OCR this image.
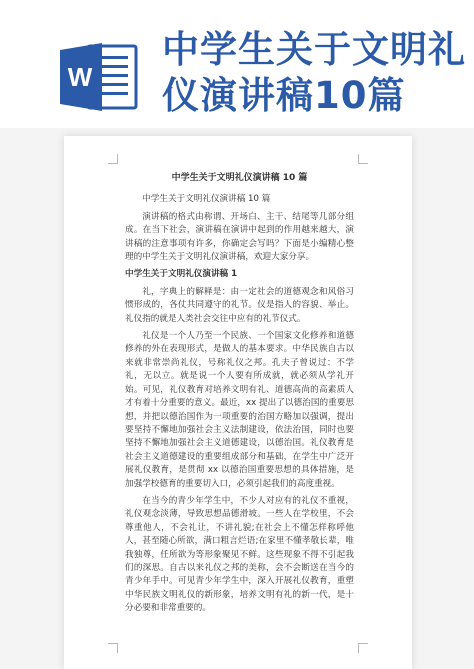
W
中学生关于文明礼
仪演讲稿10篇
中学生关于文明礼仪演讲稿 10 篇
中学生关于文明礼仪演讲稿 10 篇
演讲稿的格式由称谓、开场白、主干、结尾等几部分组成。在当下社会，演讲稿在演讲中起到的作用越来越大，演讲稿的注意事项有许多，你确定会写吗？下面是小编精心整理的中学生关于文明礼仪演讲稿，欢迎大家分享。
中学生关于文明礼仪演讲稿 1
礼，字典上的解释是：由一定社会的道德观念和风俗习惯形成的，各仗共同遵守的礼节。仪是指人的容貌、举止。礼仪指的就是人类社会交往中应有的礼节仪式。
礼仪是一个人乃至一个民族、一个国家文化修养和道德修养的外在表现形式，是做人的基本要求。中华民族自古以来就非常崇尚礼仪，号称礼仪之邦。孔夫子曾说过：不学礼，无以立。就是说一个人要有所成就，就必须从学礼开始。可见，礼仪教育对培养文明有礼、道德高尚的高素质人才有着十分重要的意义。最近，xx 提出了以德治国的重要思想，并把以德治国作为一项重要的治国方略加以强调，提出要坚持不懈地加强社会主义法制建设，依法治国，同时也要坚持不懈地加强社会主义道德建设，以德治国。礼仪教育是社会主义道德建设的重要组成部分和基础，在学生中广泛开展礼仪教育，是贯彻 xx 以德治国重要思想的具体措施，是加强学校德育的重要切入口，必须引起我们的高度重视。
在当今的青少年学生中，不少人对应有的礼仪不重视，礼仪观念淡薄，导致思想品德滑坡。一些人在学校里，不会尊重他人，不会礼让，不讲礼貌;在社会上不懂怎样称呼他人，甚至随心所欲，满口粗言烂语;在家里不懂孝敬长辈，唯我独尊，任所欲为等形象聚见不鲜。这些现象不得不引起我们的深思。自古以来礼仪之邦的美称，会不会断送在当今的青少年手中。可见青少年学生中，深入开展礼仪教育，重塑中华民族文明礼仪的新形象，培养文明有礼的新一代，是十分必要和非常重要的。
